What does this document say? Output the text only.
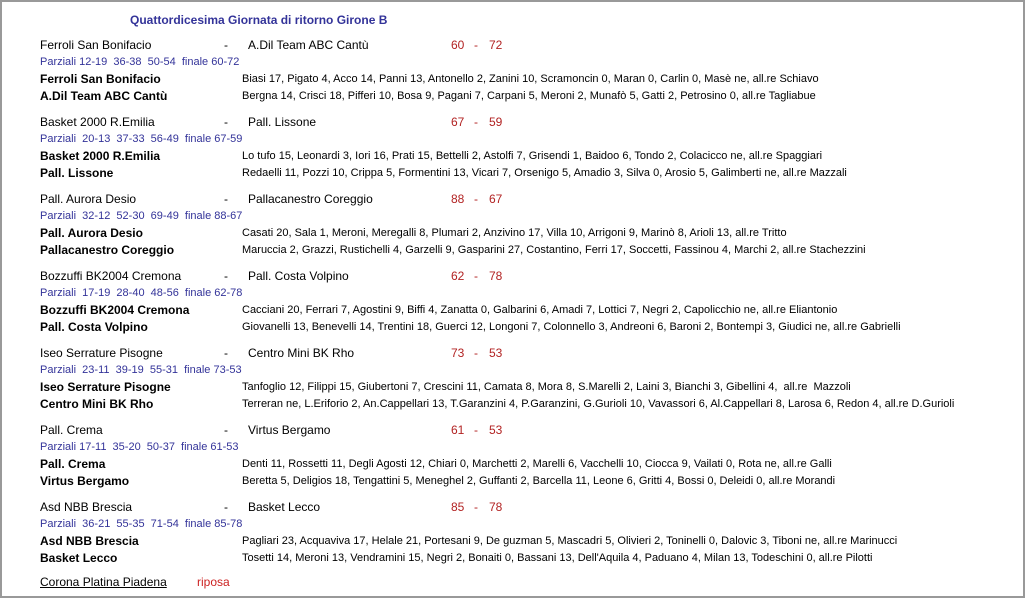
Quattordicesima Giornata di ritorno Girone B
Ferroli San Bonifacio	-	A.Dil Team ABC Cantù	60 - 72
Parziali 12-19  36-38  50-54  finale 60-72
Ferroli San Bonifacio	Biasi 17, Pigato 4, Acco 14, Panni 13, Antonello 2, Zanini 10, Scramoncin 0, Maran 0, Carlin 0, Masè ne, all.re Schiavo
A.Dil Team ABC Cantù	Bergna 14, Crisci 18, Pifferi 10, Bosa 9, Pagani 7, Carpani 5, Meroni 2, Munafò 5, Gatti 2, Petrosino 0, all.re Tagliabue
Basket 2000 R.Emilia	-	Pall. Lissone	67 - 59
Parziali  20-13  37-33  56-49  finale 67-59
Basket 2000 R.Emilia	Lo tufo 15, Leonardi 3, Iori 16, Prati 15, Bettelli 2, Astolfi 7, Grisendi 1, Baidoo 6, Tondo 2, Colacicco ne, all.re Spaggiari
Pall. Lissone	Redaelli 11, Pozzi 10, Crippa 5, Formentini 13, Vicari 7, Orsenigo 5, Amadio 3, Silva 0, Arosio 5, Galimberti ne, all.re Mazzali
Pall. Aurora Desio	-	Pallacanestro Coreggio	88 - 67
Parziali  32-12  52-30  69-49  finale 88-67
Pall. Aurora Desio	Casati 20, Sala 1, Meroni, Meregalli 8, Plumari 2, Anzivino 17, Villa 10, Arrigoni 9, Marinò 8, Arioli 13, all.re Tritto
Pallacanestro Coreggio	Maruccia 2, Grazzi, Rustichelli 4, Garzelli 9, Gasparini 27, Costantino, Ferri 17, Soccetti, Fassinou 4, Marchi 2, all.re Stachezzini
Bozzuffi BK2004 Cremona	-	Pall. Costa Volpino	62 - 78
Parziali  17-19  28-40  48-56  finale 62-78
Bozzuffi BK2004 Cremona	Cacciani 20, Ferrari 7, Agostini 9, Biffi 4, Zanatta 0, Galbarini 6, Amadi 7, Lottici 7, Negri 2, Capolicchio ne, all.re Eliantonio
Pall. Costa Volpino	Giovanelli 13, Benevelli 14, Trentini 18, Guerci 12, Longoni 7, Colonnello 3, Andreoni 6, Baroni 2, Bontempi 3, Giudici ne, all.re Gabrielli
Iseo Serrature Pisogne	-	Centro Mini BK Rho	73 - 53
Parziali  23-11  39-19  55-31  finale 73-53
Iseo Serrature Pisogne	Tanfoglio 12, Filippi 15, Giubertoni 7, Crescini 11, Camata 8, Mora 8, S.Marelli 2, Laini 3, Bianchi 3, Gibellini 4,  all.re  Mazzoli
Centro Mini BK Rho	Terreran ne, L.Eriforio 2, An.Cappellari 13, T.Garanzini 4, P.Garanzini, G.Gurioli 10, Vavassori 6, Al.Cappellari 8, Larosa 6, Redon 4, all.re D.Gurioli
Pall. Crema	-	Virtus Bergamo	61 - 53
Parziali 17-11  35-20  50-37  finale 61-53
Pall. Crema	Denti 11, Rossetti 11, Degli Agosti 12, Chiari 0, Marchetti 2, Marelli 6, Vacchelli 10, Ciocca 9, Vailati 0, Rota ne, all.re Galli
Virtus Bergamo	Beretta 5, Deligios 18, Tengattini 5, Meneghel 2, Guffanti 2, Barcella 11, Leone 6, Gritti 4, Bossi 0, Deleidi 0, all.re Morandi
Asd NBB Brescia	-	Basket Lecco	85 - 78
Parziali  36-21  55-35  71-54  finale 85-78
Asd NBB Brescia	Pagliari 23, Acquaviva 17, Helale 21, Portesani 9, De guzman 5, Mascadri 5, Olivieri 2, Toninelli 0, Dalovic 3, Tiboni ne, all.re Marinucci
Basket Lecco	Tosetti 14, Meroni 13, Vendramini 15, Negri 2, Bonaiti 0, Bassani 13, Dell'Aquila 4, Paduano 4, Milan 13, Todeschini 0, all.re Pilotti
Corona Platina Piadena	riposa
